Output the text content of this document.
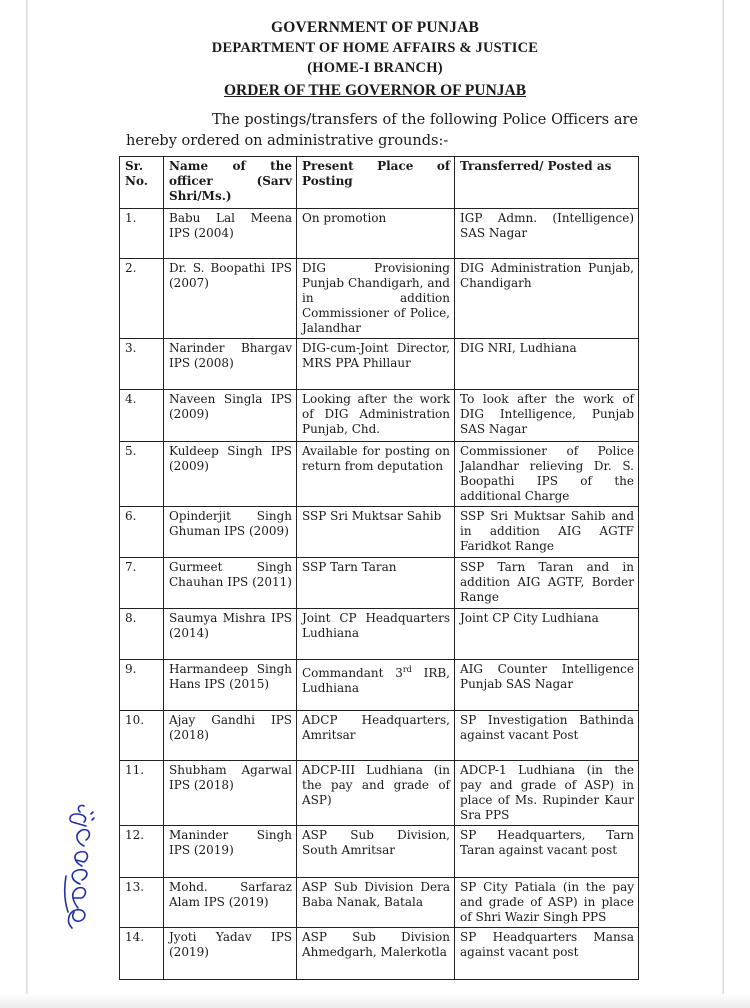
GOVERNMENT OF PUNJAB
DEPARTMENT OF HOME AFFAIRS & JUSTICE
(HOME-I BRANCH)
ORDER OF THE GOVERNOR OF PUNJAB
The postings/transfers of the following Police Officers are
hereby ordered on administrative grounds:-
Sr. No.	Name of the officer (Sarv Shri/Ms.)	Present Place of Posting	Transferred/ Posted as
1.	Babu Lal Meena IPS (2004)	On promotion	IGP Admn. (Intelligence) SAS Nagar
2.	Dr. S. Boopathi IPS (2007)	DIG Provisioning Punjab Chandigarh, and in addition Commissioner of Police, Jalandhar	DIG Administration Punjab, Chandigarh
3.	Narinder Bhargav IPS (2008)	DIG-cum-Joint Director, MRS PPA Phillaur	DIG NRI, Ludhiana
4.	Naveen Singla IPS (2009)	Looking after the work of DIG Administration Punjab, Chd.	To look after the work of DIG Intelligence, Punjab SAS Nagar
5.	Kuldeep Singh IPS (2009)	Available for posting on return from deputation	Commissioner of Police Jalandhar relieving Dr. S. Boopathi IPS of the additional Charge
6.	Opinderjit Singh Ghuman IPS (2009)	SSP Sri Muktsar Sahib	SSP Sri Muktsar Sahib and in addition AIG AGTF Faridkot Range
7.	Gurmeet Singh Chauhan IPS (2011)	SSP Tarn Taran	SSP Tarn Taran and in addition AIG AGTF, Border Range
8.	Saumya Mishra IPS (2014)	Joint CP Headquarters Ludhiana	Joint CP City Ludhiana
9.	Harmandeep Singh Hans IPS (2015)	Commandant 3rd IRB, Ludhiana	AIG Counter Intelligence Punjab SAS Nagar
10.	Ajay Gandhi IPS (2018)	ADCP Headquarters, Amritsar	SP Investigation Bathinda against vacant Post
11.	Shubham Agarwal IPS (2018)	ADCP-III Ludhiana (in the pay and grade of ASP)	ADCP-1 Ludhiana (in the pay and grade of ASP) in place of Ms. Rupinder Kaur Sra PPS
12.	Maninder Singh IPS (2019)	ASP Sub Division, South Amritsar	SP Headquarters, Tarn Taran against vacant post
13.	Mohd. Sarfaraz Alam IPS (2019)	ASP Sub Division Dera Baba Nanak, Batala	SP City Patiala (in the pay and grade of ASP) in place of Shri Wazir Singh PPS
14.	Jyoti Yadav IPS (2019)	ASP Sub Division Ahmedgarh, Malerkotla	SP Headquarters Mansa against vacant post
